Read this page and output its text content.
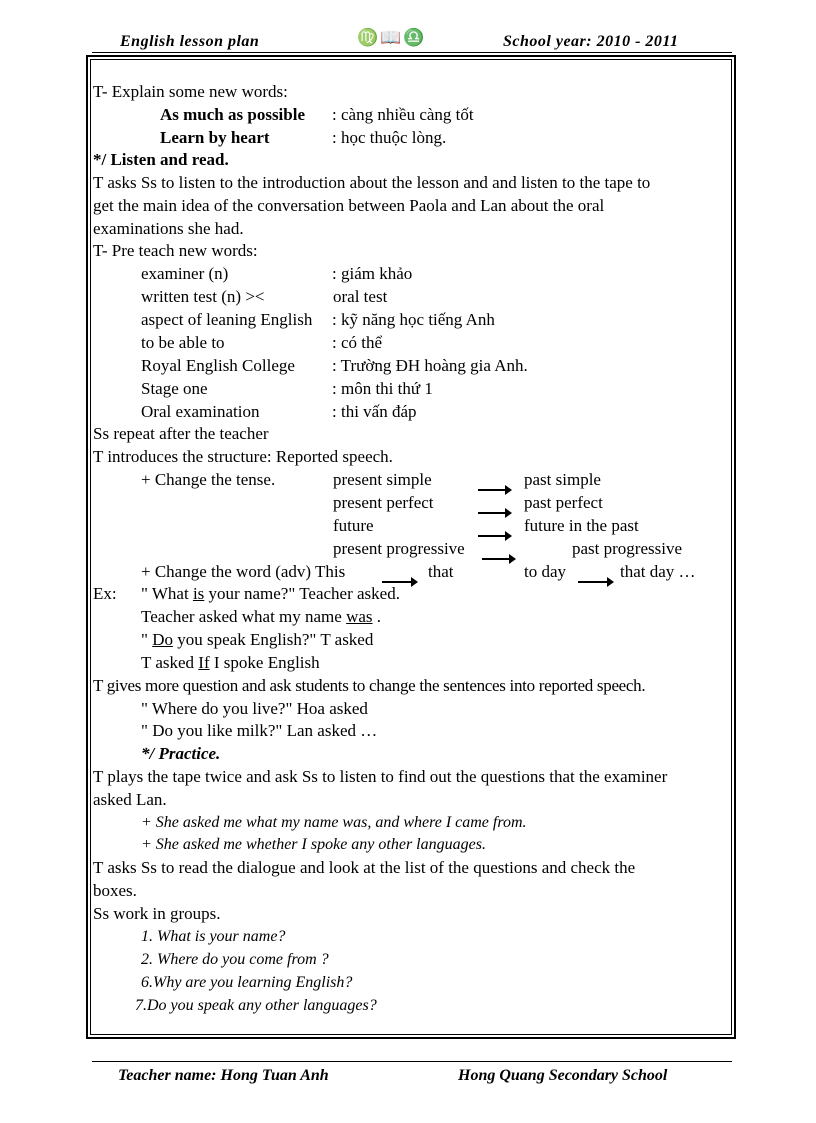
English lesson plan	♍📖♎	School year: 2010 - 2011
T- Explain some new words:
As much as possible : càng nhiều càng tốt
Learn by heart	: học thuộc lòng.
*/ Listen and read.
T asks Ss to listen to the introduction about the lesson and and listen to the tape to
get the main idea of the conversation between Paola and Lan about the oral
examinations she had.
T- Pre teach new words:
examiner (n)	: giám khảo
written test (n) ><	oral test
aspect of leaning English : kỹ năng học tiếng Anh
to be able to	: có thể
Royal English College : Trường ĐH hoàng gia Anh.
Stage one	: môn thi thứ 1
Oral examination	: thi vấn đáp
Ss repeat after the teacher
T introduces the structure: Reported speech.
+ Change the tense.	present simple	past simple
present perfect	past perfect
future	future in the past
present progressive	past progressive
+ Change the word (adv) This	that	to day	that day …
Ex: " What is your name?" Teacher asked.
Teacher asked what my name was .
" Do you speak English?" T asked
T asked If I spoke English
T gives more question and ask students to change the sentences into reported speech.
" Where do you live?" Hoa asked
" Do you like milk?" Lan asked …
*/ Practice.
T plays the tape twice and ask Ss to listen to find out the questions that the examiner
asked Lan.
+ She asked me what my name was, and where I came from.
+ She asked me whether I spoke any other languages.
T asks Ss to read the dialogue and look at the list of the questions and check the
boxes.
Ss work in groups.
1. What is your name?
2. Where do you come from ?
6.Why are you learning English?
7.Do you speak any other languages?
Teacher name: Hong Tuan Anh	Hong Quang Secondary School
